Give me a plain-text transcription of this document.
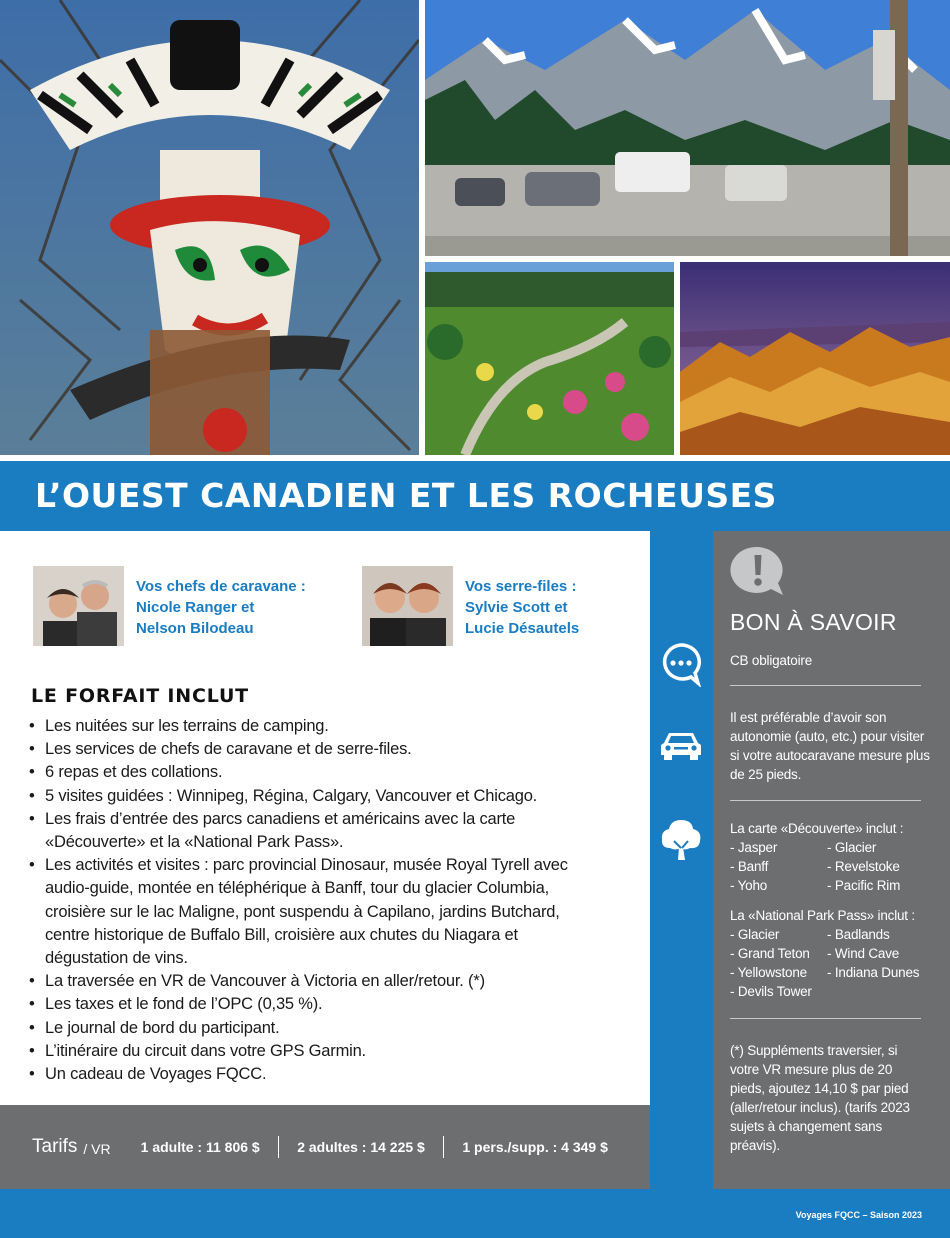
L’OUEST CANADIEN ET LES ROCHEUSES
Vos chefs de caravane :
Nicole Ranger et
Nelson Bilodeau
Vos serre-files :
Sylvie Scott et
Lucie Désautels
LE FORFAIT INCLUT
• Les nuitées sur les terrains de camping.
• Les services de chefs de caravane et de serre-files.
• 6 repas et des collations.
• 5 visites guidées : Winnipeg, Régina, Calgary, Vancouver et Chicago.
• Les frais d’entrée des parcs canadiens et américains avec la carte «Découverte» et la «National Park Pass».
• Les activités et visites : parc provincial Dinosaur, musée Royal Tyrell avec audio-guide, montée en téléphérique à Banff, tour du glacier Columbia, croisière sur le lac Maligne, pont suspendu à Capilano, jardins Butchard, centre historique de Buffalo Bill, croisière aux chutes du Niagara et dégustation de vins.
• La traversée en VR de Vancouver à Victoria en aller/retour. (*)
• Les taxes et le fond de l’OPC (0,35 %).
• Le journal de bord du participant.
• L’itinéraire du circuit dans votre GPS Garmin.
• Un cadeau de Voyages FQCC.
Tarifs / VR 1 adulte : 11 806 $	2 adultes : 14 225 $	1 pers./supp. : 4 349 $
BON À SAVOIR
CB obligatoire
Il est préférable d’avoir son autonomie (auto, etc.) pour visiter si votre autocaravane mesure plus de 25 pieds.
La carte «Découverte» inclut :
- Jasper
- Banff
- Yoho
- Glacier
- Revelstoke
- Pacific Rim
La «National Park Pass» inclut :
- Glacier
- Grand Teton
- Yellowstone
- Devils Tower
- Badlands
- Wind Cave
- Indiana Dunes
(*) Suppléments traversier, si votre VR mesure plus de 20 pieds, ajoutez 14,10 $ par pied (aller/retour inclus). (tarifs 2023 sujets à changement sans préavis).
Voyages FQCC – Saison 2023
